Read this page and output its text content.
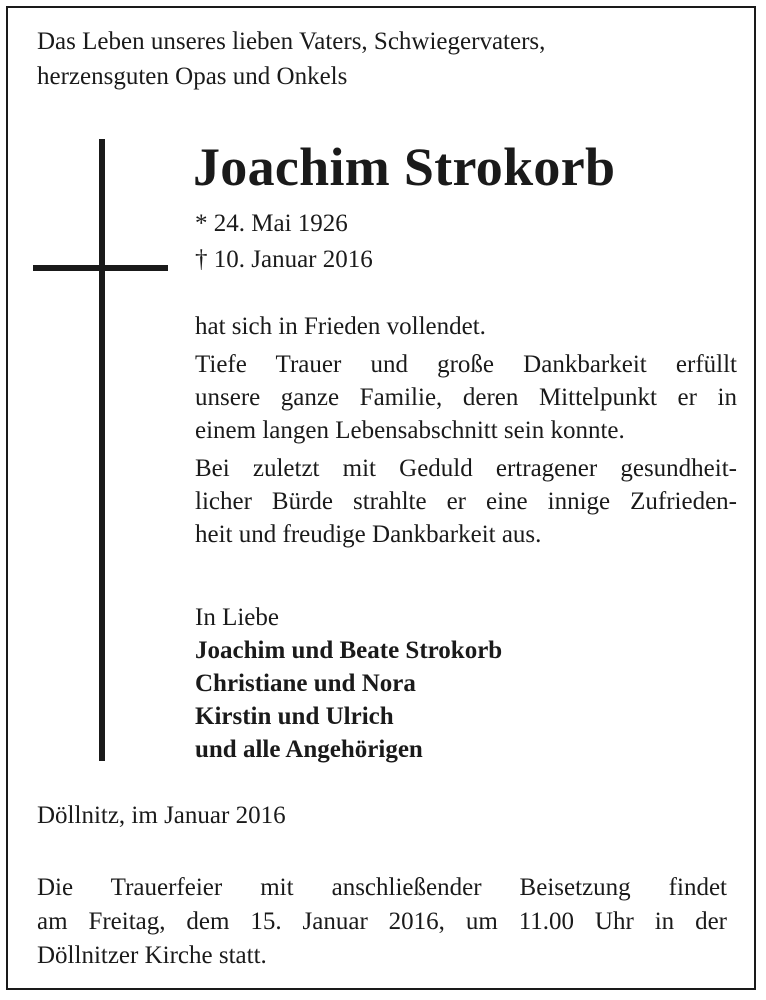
Das Leben unseres lieben Vaters, Schwiegervaters,
herzensguten Opas und Onkels
Joachim Strokorb
* 24. Mai 1926
† 10. Januar 2016

hat sich in Frieden vollendet.

Tiefe Trauer und große Dankbarkeit erfüllt
unsere ganze Familie, deren Mittelpunkt er in
einem langen Lebensabschnitt sein konnte.

Bei zuletzt mit Geduld ertragener gesundheit-
licher Bürde strahlte er eine innige Zufrieden-
heit und freudige Dankbarkeit aus.

In Liebe
Joachim und Beate Strokorb
Christiane und Nora
Kirstin und Ulrich
und alle Angehörigen
Döllnitz, im Januar 2016
Die Trauerfeier mit anschließender Beisetzung findet
am Freitag, dem 15. Januar 2016, um 11.00 Uhr in der
Döllnitzer Kirche statt.
